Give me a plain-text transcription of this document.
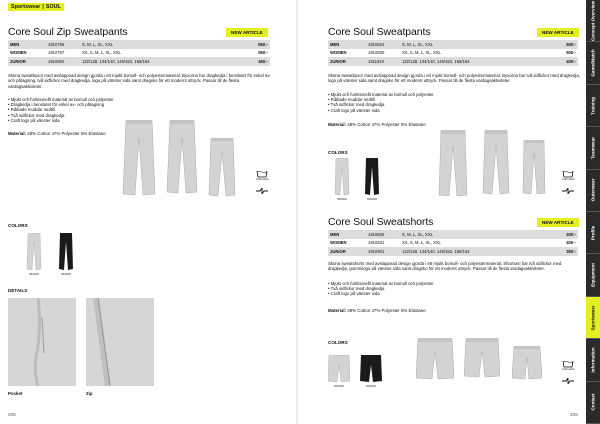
Sportswear | SOUL
Core Soul Zip Sweatpants	NEW ARTICLE
MEN	1910766	S, M, L, XL, XXL	550:-
WOMEN	1910767	XS, S, M, L, XL, XXL	550:-
JUNIOR	1910902	122/128, 134/140, 146/152, 158/164	450:-
Sköna sweatbyxor med avslappnad design gjorda i ett mjukt bomull- och polyestermaterial. Byxorna har dragkedja i benslutet för enkel av- och påtagning, två sidfickor med dragkedja, logo på vänster sida samt dragsko för ett modernt uttryck. Passar till de flesta vardagsaktiviteter.
• Mjukt och funktionellt material av bomull och polyester
• Dragkedja i benslutet för enkel av- och påtagning
• Ribbade muddar nedtill
• Två sidfickor med dragkedja
• Craft logo på vänster sida
Material: 48% Cotton 47% Polyester 5% Elastane
Craft wash
COLORS
950000	999000
DETAILS
Pocket	Zip
208
Core Soul Sweatpants	NEW ARTICLE
MEN	1910624	S, M, L, XL, XXL	500:-
WOMEN	1910630	XS, S, M, L, XL, XXL	500:-
JUNIOR	1911910	122/128, 134/140, 146/152, 158/164	400:-
Sköna sweatbyxor med avslappnad design gjorda i ett mjukt bomull- och polyestermaterial. Byxorna har två sidfickor med dragkedja, logo på vänster sida samt dragsko för ett modernt uttryck. Passar till de flesta vardagsaktiviteter.
• Mjukt och funktionellt material av bomull och polyester
• Ribbade muddar nedtill
• Två sidfickor med dragkedja
• Craft logo på vänster sida
Material: 48% Cotton 47% Polyester 5% Elastane
COLORS
950000	999000
Craft wash
Core Soul Sweatshorts	NEW ARTICLE
MEN	1910625	S, M, L, XL, XXL	400:-
WOMEN	1910631	XS, S, M, L, XL, XXL	400:-
JUNIOR	1910901	122/128, 134/140, 146/152, 158/164	350:-
Sköna sweatshorts med avslappnad design gjorda i ett mjukt bomull- och polyestermaterial. Shortsen har två sidfickor med dragkedja, gummilogo på vänster sida samt dragsko för ett modernt uttryck. Passar till de flesta vardagsaktiviteter.
• Mjukt och funktionellt material av bomull och polyester
• Två sidfickor med dragkedja
• Craft logo på vänster sida
Material: 48% Cotton 47% Polyester 5% Elastane
COLORS
950000	999000
Craft wash
209
Concept Overview
Game/Match
Training
Teamwear
Outerwear
Profile
Equipment
Sportswear
Information
Contact
